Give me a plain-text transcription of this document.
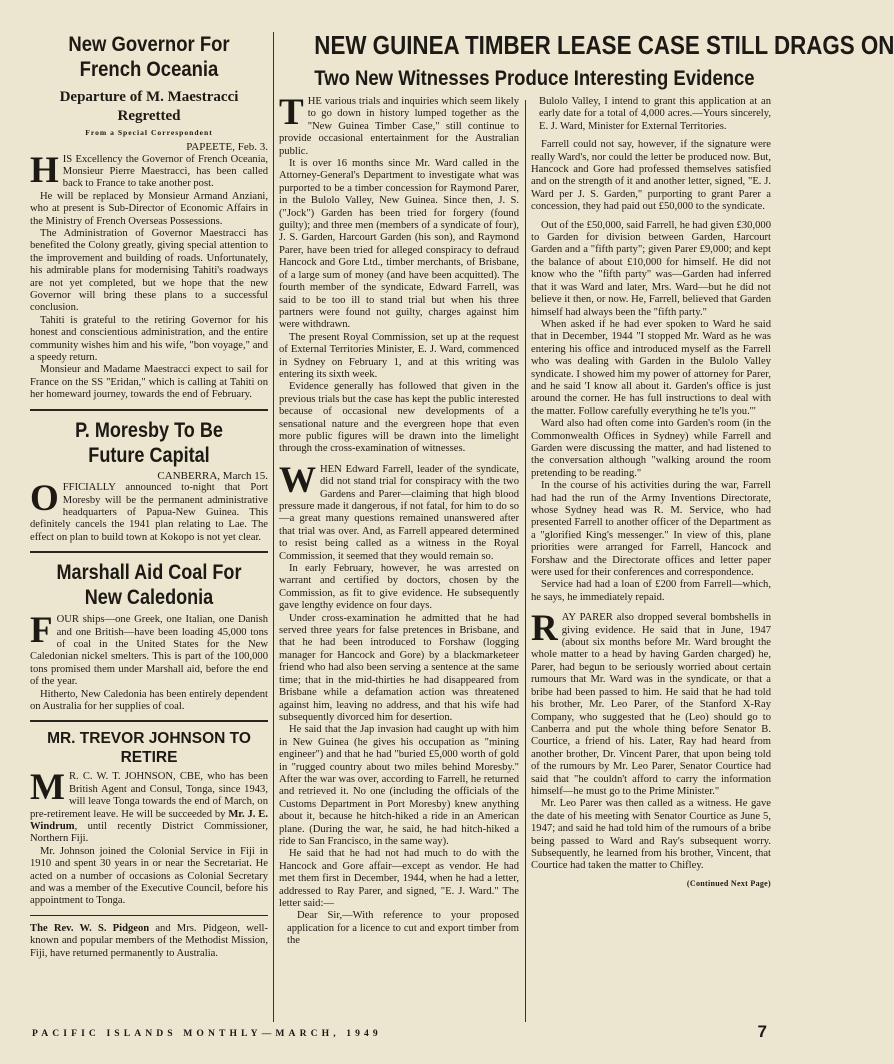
New Governor For French Oceania
Departure of M. Maestracci Regretted
From a Special Correspondent
PAPEETE, Feb. 3.

HIS Excellency the Governor of French Oceania, Monsieur Pierre Maestracci, has been called back to France to take another post.

He will be replaced by Monsieur Armand Anziani, who at present is Sub-Director of Economic Affairs in the Ministry of French Overseas Possessions.

The Administration of Governor Maestracci has benefited the Colony greatly, giving special attention to the improvement and building of roads. Unfortunately, his admirable plans for modernising Tahiti's roadways are not yet completed, but we hope that the new Governor will bring these plans to a successful conclusion.

Tahiti is grateful to the retiring Governor for his honest and conscientious administration, and the entire community wishes him and his wife, "bon voyage," and a speedy return.

Monsieur and Madame Maestracci expect to sail for France on the SS "Eridan," which is calling at Tahiti on her homeward journey, towards the end of February.

P. Moresby To Be Future Capital
CANBERRA, March 15.

OFFICIALLY announced to-night that Port Moresby will be the permanent administrative headquarters of Papua-New Guinea. This definitely cancels the 1941 plan relating to Lae. The effect on plan to build town at Kokopo is not yet clear.

Marshall Aid Coal For New Caledonia

FOUR ships—one Greek, one Italian, one Danish and one British—have been loading 45,000 tons of coal in the United States for the New Caledonian nickel smelters. This is part of the 100,000 tons promised them under Marshall aid, before the end of the year.

Hitherto, New Caledonia has been entirely dependent on Australia for her supplies of coal.

MR. TREVOR JOHNSON TO RETIRE

M R. C. W. T. JOHNSON, CBE, who has been British Agent and Consul, Tonga, since 1943, will leave Tonga towards the end of March, on pre-retirement leave. He will be succeeded by Mr. J. E. Windrum, until recently District Commissioner, Northern Fiji.

Mr. Johnson joined the Colonial Service in Fiji in 1910 and spent 30 years in or near the Secretariat. He acted on a number of occasions as Colonial Secretary and was a member of the Executive Council, before his appointment to Tonga.

The Rev. W. S. Pidgeon and Mrs. Pidgeon, well-known and popular members of the Methodist Mission, Fiji, have returned permanently to Australia.

NEW GUINEA TIMBER LEASE CASE STILL DRAGS ON
Two New Witnesses Produce Interesting Evidence

THE various trials and inquiries which seem likely to go down in history lumped together as the "New Guinea Timber Case," still continue to provide occasional entertainment for the Australian public.

It is over 16 months since Mr. Ward called in the Attorney-General's Department to investigate what was purported to be a timber concession for Raymond Parer, in the Bulolo Valley, New Guinea. Since then, J. S. ("Jock") Garden has been tried for forgery (found guilty); and three men (members of a syndicate of four), J. S. Garden, Harcourt Garden (his son), and Raymond Parer, have been tried for alleged conspiracy to defraud Hancock and Gore Ltd., timber merchants, of Brisbane, of a large sum of money (and have been acquitted). The fourth member of the syndicate, Edward Farrell, was said to be too ill to stand trial but when his three partners were found not guilty, charges against him were withdrawn.

The present Royal Commission, set up at the request of External Territories Minister, E. J. Ward, commenced in Sydney on February 1, and at this writing was entering its sixth week.

Evidence generally has followed that given in the previous trials but the case has kept the public interested because of occasional new developments of a sensational nature and the evergreen hope that even more public figures will be drawn into the limelight through the cross-examination of witnesses.

WHEN Edward Farrell, leader of the syndicate, did not stand trial for conspiracy with the two Gardens and Parer—claiming that high blood pressure made it dangerous, if not fatal, for him to do so—a great many questions remained unanswered after that trial was over. And, as Farrell appeared determined to resist being called as a witness in the Royal Commission, it seemed that they would remain so.

In early February, however, he was arrested on warrant and certified by doctors, chosen by the Commission, as fit to give evidence. He subsequently gave lengthy evidence on four days.

Under cross-examination he admitted that he had served three years for false pretences in Brisbane, and that he had been introduced to Forshaw (logging manager for Hancock and Gore) by a blackmarketeer friend who had also been serving a sentence at the same time; that in the mid-thirties he had disappeared from Brisbane while a defamation action was threatened against him, leaving no address, and that his wife had subsequently divorced him for desertion.

He said that the Jap invasion had caught up with him in New Guinea (he gives his occupation as "mining engineer") and that he had "buried £5,000 worth of gold in "rugged country about two miles behind Moresby." After the war was over, according to Farrell, he returned and retrieved it. No one (including the officials of the Customs Department in Port Moresby) knew anything about it, because he hitch-hiked a ride in an American plane. (During the war, he said, he had hitch-hiked a ride to San Francisco, in the same way).

He said that he had not had much to do with the Hancock and Gore affair—except as vendor. He had met them first in December, 1944, when he had a letter, addressed to Ray Parer, and signed, "E. J. Ward." The letter said:—

Dear Sir,—With reference to your proposed application for a licence to cut and export timber from the

Bulolo Valley, I intend to grant this application at an early date for a total of 4,000 acres.—Yours sincerely, E. J. Ward, Minister for External Territories.

Farrell could not say, however, if the signature were really Ward's, nor could the letter be produced now. But, Hancock and Gore had professed themselves satisfied and on the strength of it and another letter, signed, "E. J. Ward per J. S. Garden," purporting to grant Parer a concession, they had paid out £50,000 to the syndicate.

Out of the £50,000, said Farrell, he had given £30,000 to Garden for division between Garden, Harcourt Garden and a "fifth party"; given Parer £9,000; and kept the balance of about £10,000 for himself. He did not know who the "fifth party" was—Garden had inferred that it was Ward and later, Mrs. Ward—but he did not believe it then, or now. He, Farrell, believed that Garden himself had always been the "fifth party."

When asked if he had ever spoken to Ward he said that in December, 1944 "I stopped Mr. Ward as he was entering his office and introduced myself as the Farrell who was dealing with Garden in the Bulolo Valley syndicate. I showed him my power of attorney for Parer, and he said 'I know all about it. Garden's office is just around the corner. He has full instructions to deal with the matter. Follow carefully everything he te'ls you.'"

Ward also had often come into Garden's room (in the Commonwealth Offices in Sydney) while Farrell and Garden were discussing the matter, and had listened to the conversation although "walking around the room pretending to be reading."

In the course of his activities during the war, Farrell had had the run of the Army Inventions Directorate, whose Sydney head was R. M. Service, who had presented Farrell to another officer of the Department as a "glorified King's messenger." In view of this, plane priorities were arranged for Farrell, Hancock and Forshaw and the Directorate offices and letter paper were used for their conferences and correspondence.

Service had had a loan of £200 from Farrell—which, he says, he immediately repaid.

RAY PARER also dropped several bombshells in giving evidence. He said that in June, 1947 (about six months before Mr. Ward brought the whole matter to a head by having Garden charged) he, Parer, had begun to be seriously worried about certain rumours that Mr. Ward was in the syndicate, or that a bribe had been passed to him. He said that he had told his brother, Mr. Leo Parer, of the Stanford X-Ray Company, who suggested that he (Leo) should go to Canberra and put the whole thing before Senator B. Courtice, a friend of his. Later, Ray had heard from another brother, Dr. Vincent Parer, that upon being told of the rumours by Mr. Leo Parer, Senator Courtice had said that "he couldn't afford to carry the information himself—he must go to the Prime Minister."

Mr. Leo Parer was then called as a witness. He gave the date of his meeting with Senator Courtice as June 5, 1947; and said he had told him of the rumours of a bribe being passed to Ward and Ray's subsequent worry. Subsequently, he learned from his brother, Vincent, that Courtice had taken the matter to Chifley.

(Continued Next Page)
PACIFIC ISLANDS MONTHLY—MARCH, 1949	7
